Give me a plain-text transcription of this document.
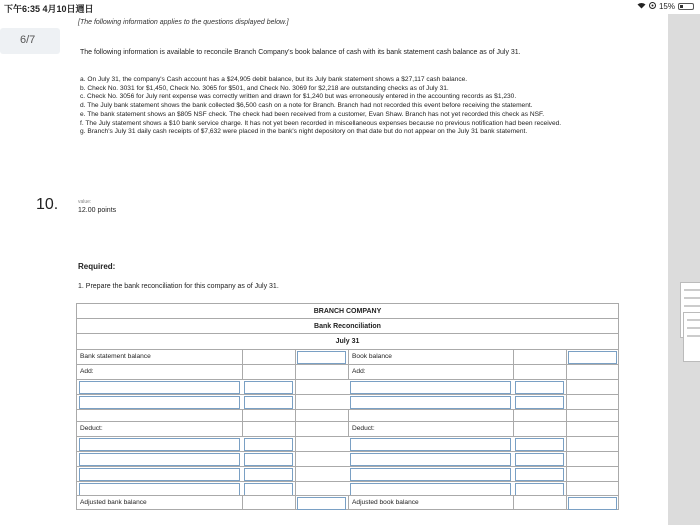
下午6:35 4月10日週日	15%
6/7
[The following information applies to the questions displayed below.]
The following information is available to reconcile Branch Company's book balance of cash with its bank statement cash balance as of July 31.
a. On July 31, the company's Cash account has a $24,905 debit balance, but its July bank statement shows a $27,117 cash balance.
b. Check No. 3031 for $1,450, Check No. 3065 for $501, and Check No. 3069 for $2,218 are outstanding checks as of July 31.
c. Check No. 3056 for July rent expense was correctly written and drawn for $1,240 but was erroneously entered in the accounting records as $1,230.
d. The July bank statement shows the bank collected $6,500 cash on a note for Branch. Branch had not recorded this event before receiving the statement.
e. The bank statement shows an $805 NSF check. The check had been received from a customer, Evan Shaw. Branch has not yet recorded this check as NSF.
f. The July statement shows a $10 bank service charge. It has not yet been recorded in miscellaneous expenses because no previous notification had been received.
g. Branch's July 31 daily cash receipts of $7,632 were placed in the bank's night depository on that date but do not appear on the July 31 bank statement.
10.	value:
12.00 points
Required:
1. Prepare the bank reconciliation for this company as of July 31.
BRANCH COMPANY
Bank Reconciliation
July 31
Bank statement balance	Book balance
Add:	Add:
Deduct:	Deduct:
Adjusted bank balance	Adjusted book balance
